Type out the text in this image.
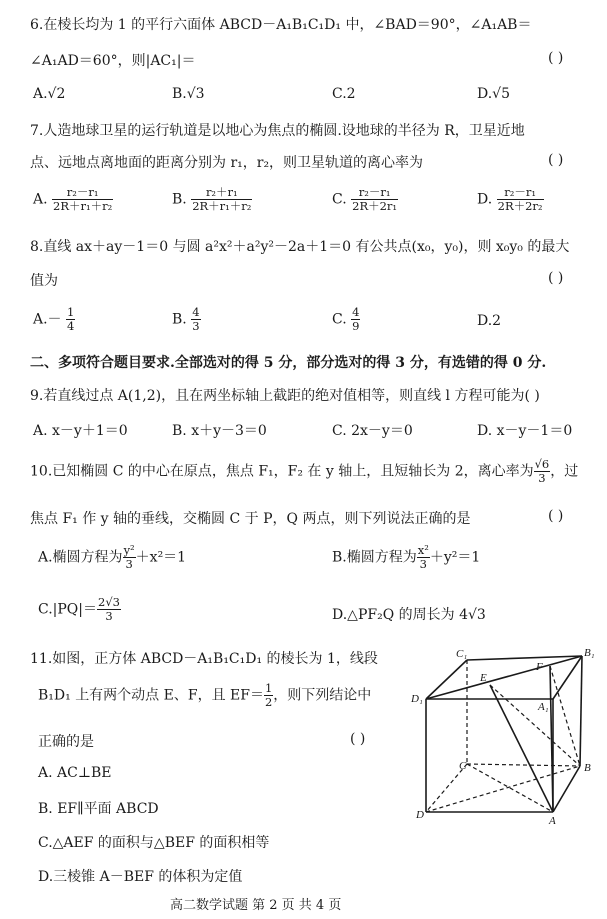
6.在棱长均为 1 的平行六面体 ABCD－A₁B₁C₁D₁ 中，∠BAD＝90°，∠A₁AB＝
∠A₁AD＝60°，则|AC₁|＝	( )
A.√2	B.√3	C.2	D.√5
7.人造地球卫星的运行轨道是以地心为焦点的椭圆.设地球的半径为 R，卫星近地
点、远地点离地面的距离分别为 r₁，r₂，则卫星轨道的离心率为	( )
A. $\frac{\text{r₂－r₁}}{\text{2R＋r₁＋r₂}}$	B. $\frac{\text{r₂＋r₁}}{\text{2R＋r₁＋r₂}}$	C. $\frac{\text{r₂－r₁}}{\text{2R＋2r₁}}$	D. $\frac{\text{r₂－r₁}}{\text{2R＋2r₂}}$
8.直线 ax＋ay－1＝0 与圆 a²x²＋a²y²－2a＋1＝0 有公共点(x₀，y₀)，则 x₀y₀ 的最大
值为	( )
$A.- \frac{1}{4}$	B. $\frac{4}{3}$	C. $\frac{4}{9}$	D.2
二、多项符合题目要求.全部选对的得 5 分，部分选对的得 3 分，有选错的得 0 分.
9.若直线过点 A(1,2)，且在两坐标轴上截距的绝对值相等，则直线 l 方程可能为( )
A. x－y＋1＝0	B. x＋y－3＝0	C. 2x－y＝0	D. x－y－1＝0
10.已知椭圆 C 的中心在原点，焦点 F₁，F₂ 在 y 轴上，且短轴长为 2，离心率为 $\frac{√6}{3}$ ，过
焦点 F₁ 作 y 轴的垂线，交椭圆 C 于 P，Q 两点，则下列说法正确的是	( )
A.椭圆方程为 $\frac{\text{y²}}{3} +x^2=1$	B.椭圆方程为 $\frac{\text{x²}}{3} +y^2=1$
$C.|PQ|= \frac{2√3}{3}$	D.△PF₂Q 的周长为 4√3
11.如图，正方体 ABCD－A₁B₁C₁D₁ 的棱长为 1，线段
B₁D₁ 上有两个动点 E、F，且 $EF= \frac{1}{2}$ ，则下列结论中
正确的是	( )
A. AC⊥BE
B. EF∥平面 ABCD
C.△AEF 的面积与△BEF 的面积相等
D.三棱锥 A－BEF 的体积为定值
C₁	B₁
D₁
E
F
A₁
C	B
D	A
高二数学试题 第 2 页 共 4 页
